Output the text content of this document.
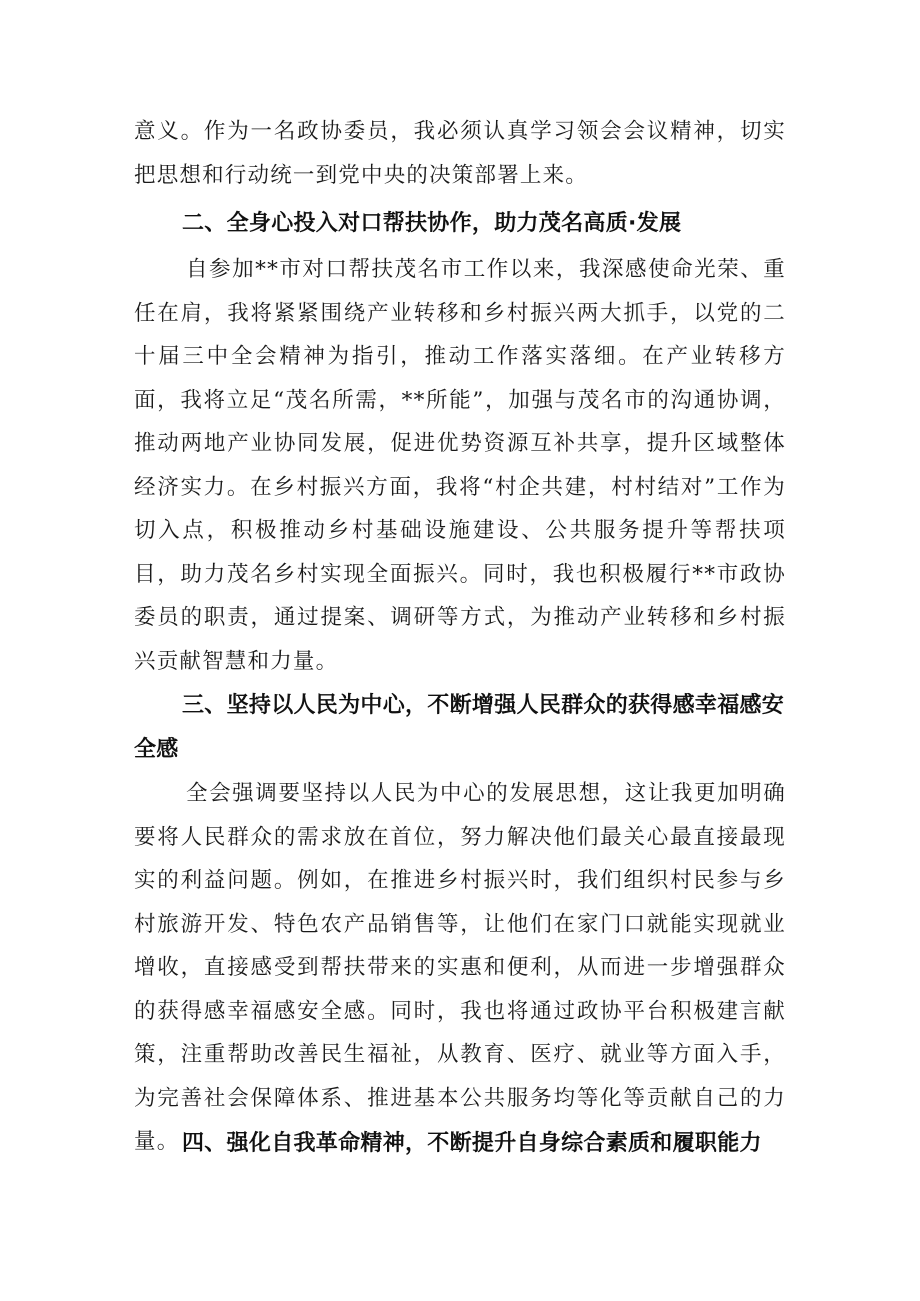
意义。作为一名政协委员，我必须认真学习领会会议精神，切实把思想和行动统一到党中央的决策部署上来。

二、全身心投入对口帮扶协作，助力茂名高质·发展

自参加**市对口帮扶茂名市工作以来，我深感使命光荣、重任在肩，我将紧紧围绕产业转移和乡村振兴两大抓手，以党的二十届三中全会精神为指引，推动工作落实落细。在产业转移方面，我将立足“茂名所需，**所能”，加强与茂名市的沟通协调，推动两地产业协同发展，促进优势资源互补共享，提升区域整体经济实力。在乡村振兴方面，我将“村企共建，村村结对”工作为切入点，积极推动乡村基础设施建设、公共服务提升等帮扶项目，助力茂名乡村实现全面振兴。同时，我也积极履行**市政协委员的职责，通过提案、调研等方式，为推动产业转移和乡村振兴贡献智慧和力量。

三、坚持以人民为中心，不断增强人民群众的获得感幸福感安全感

全会强调要坚持以人民为中心的发展思想，这让我更加明确要将人民群众的需求放在首位，努力解决他们最关心最直接最现实的利益问题。例如，在推进乡村振兴时，我们组织村民参与乡村旅游开发、特色农产品销售等，让他们在家门口就能实现就业增收，直接感受到帮扶带来的实惠和便利，从而进一步增强群众的获得感幸福感安全感。同时，我也将通过政协平台积极建言献策，注重帮助改善民生福祉，从教育、医疗、就业等方面入手，为完善社会保障体系、推进基本公共服务均等化等贡献自己的力量。 四、强化自我革命精神，不断提升自身综合素质和履职能力
